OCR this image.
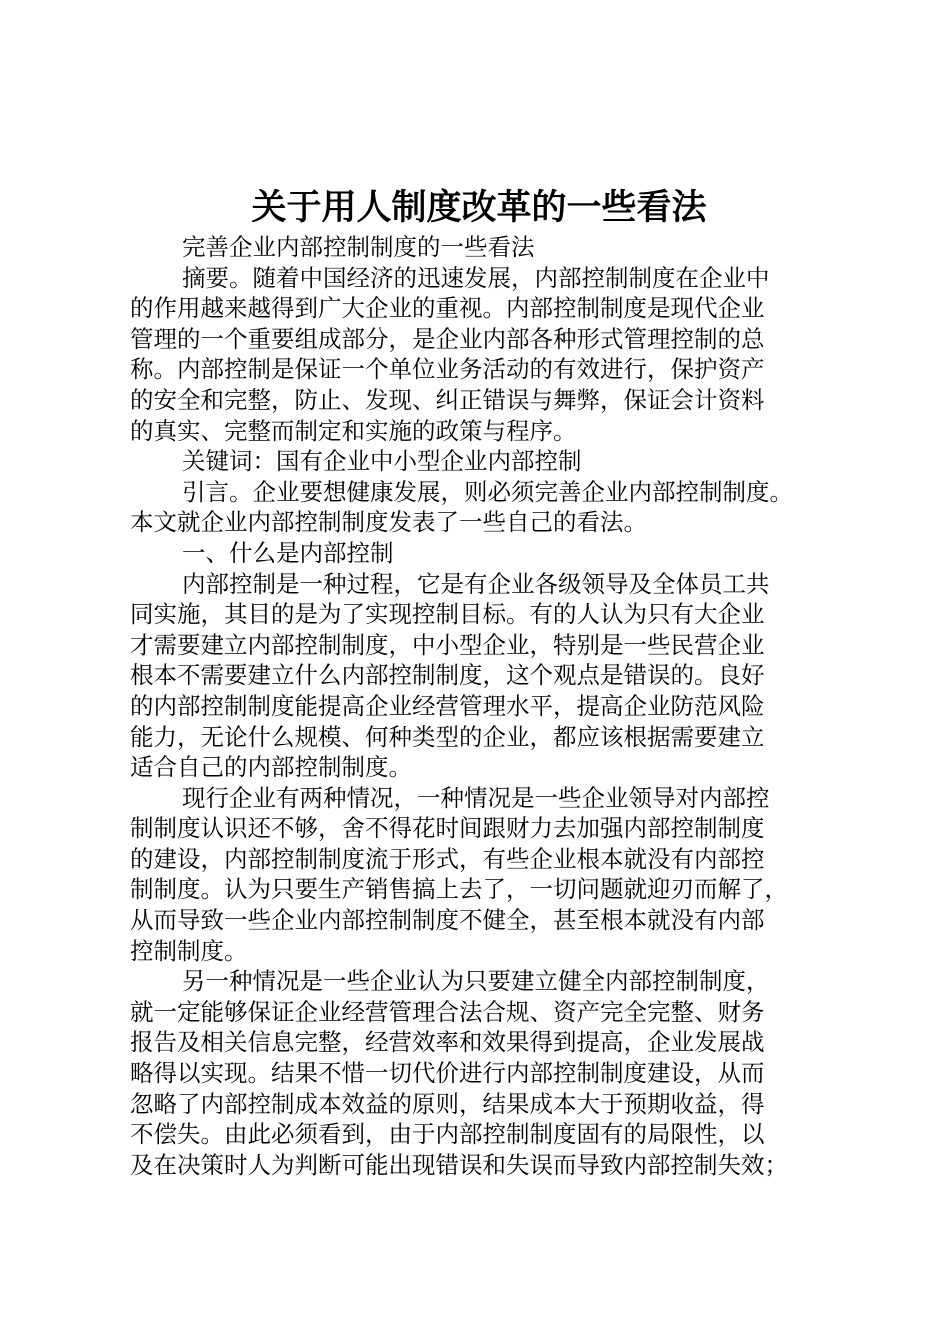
关于用人制度改革的一些看法

完善企业内部控制制度的一些看法

摘要。随着中国经济的迅速发展，内部控制制度在企业中
的作用越来越得到广大企业的重视。内部控制制度是现代企业
管理的一个重要组成部分，是企业内部各种形式管理控制的总
称。内部控制是保证一个单位业务活动的有效进行，保护资产
的安全和完整，防止、发现、纠正错误与舞弊，保证会计资料
的真实、完整而制定和实施的政策与程序。

关键词：国有企业中小型企业内部控制

引言。企业要想健康发展，则必须完善企业内部控制制度。
本文就企业内部控制制度发表了一些自己的看法。

一、什么是内部控制

内部控制是一种过程，它是有企业各级领导及全体员工共
同实施，其目的是为了实现控制目标。有的人认为只有大企业
才需要建立内部控制制度，中小型企业，特别是一些民营企业
根本不需要建立什么内部控制制度，这个观点是错误的。良好
的内部控制制度能提高企业经营管理水平，提高企业防范风险
能力，无论什么规模、何种类型的企业，都应该根据需要建立
适合自己的内部控制制度。

现行企业有两种情况，一种情况是一些企业领导对内部控
制制度认识还不够，舍不得花时间跟财力去加强内部控制制度
的建设，内部控制制度流于形式，有些企业根本就没有内部控
制制度。认为只要生产销售搞上去了，一切问题就迎刃而解了，
从而导致一些企业内部控制制度不健全，甚至根本就没有内部
控制制度。

另一种情况是一些企业认为只要建立健全内部控制制度，
就一定能够保证企业经营管理合法合规、资产完全完整、财务
报告及相关信息完整，经营效率和效果得到提高，企业发展战
略得以实现。结果不惜一切代价进行内部控制制度建设，从而
忽略了内部控制成本效益的原则，结果成本大于预期收益，得
不偿失。由此必须看到，由于内部控制制度固有的局限性，以
及在决策时人为判断可能出现错误和失误而导致内部控制失效；
